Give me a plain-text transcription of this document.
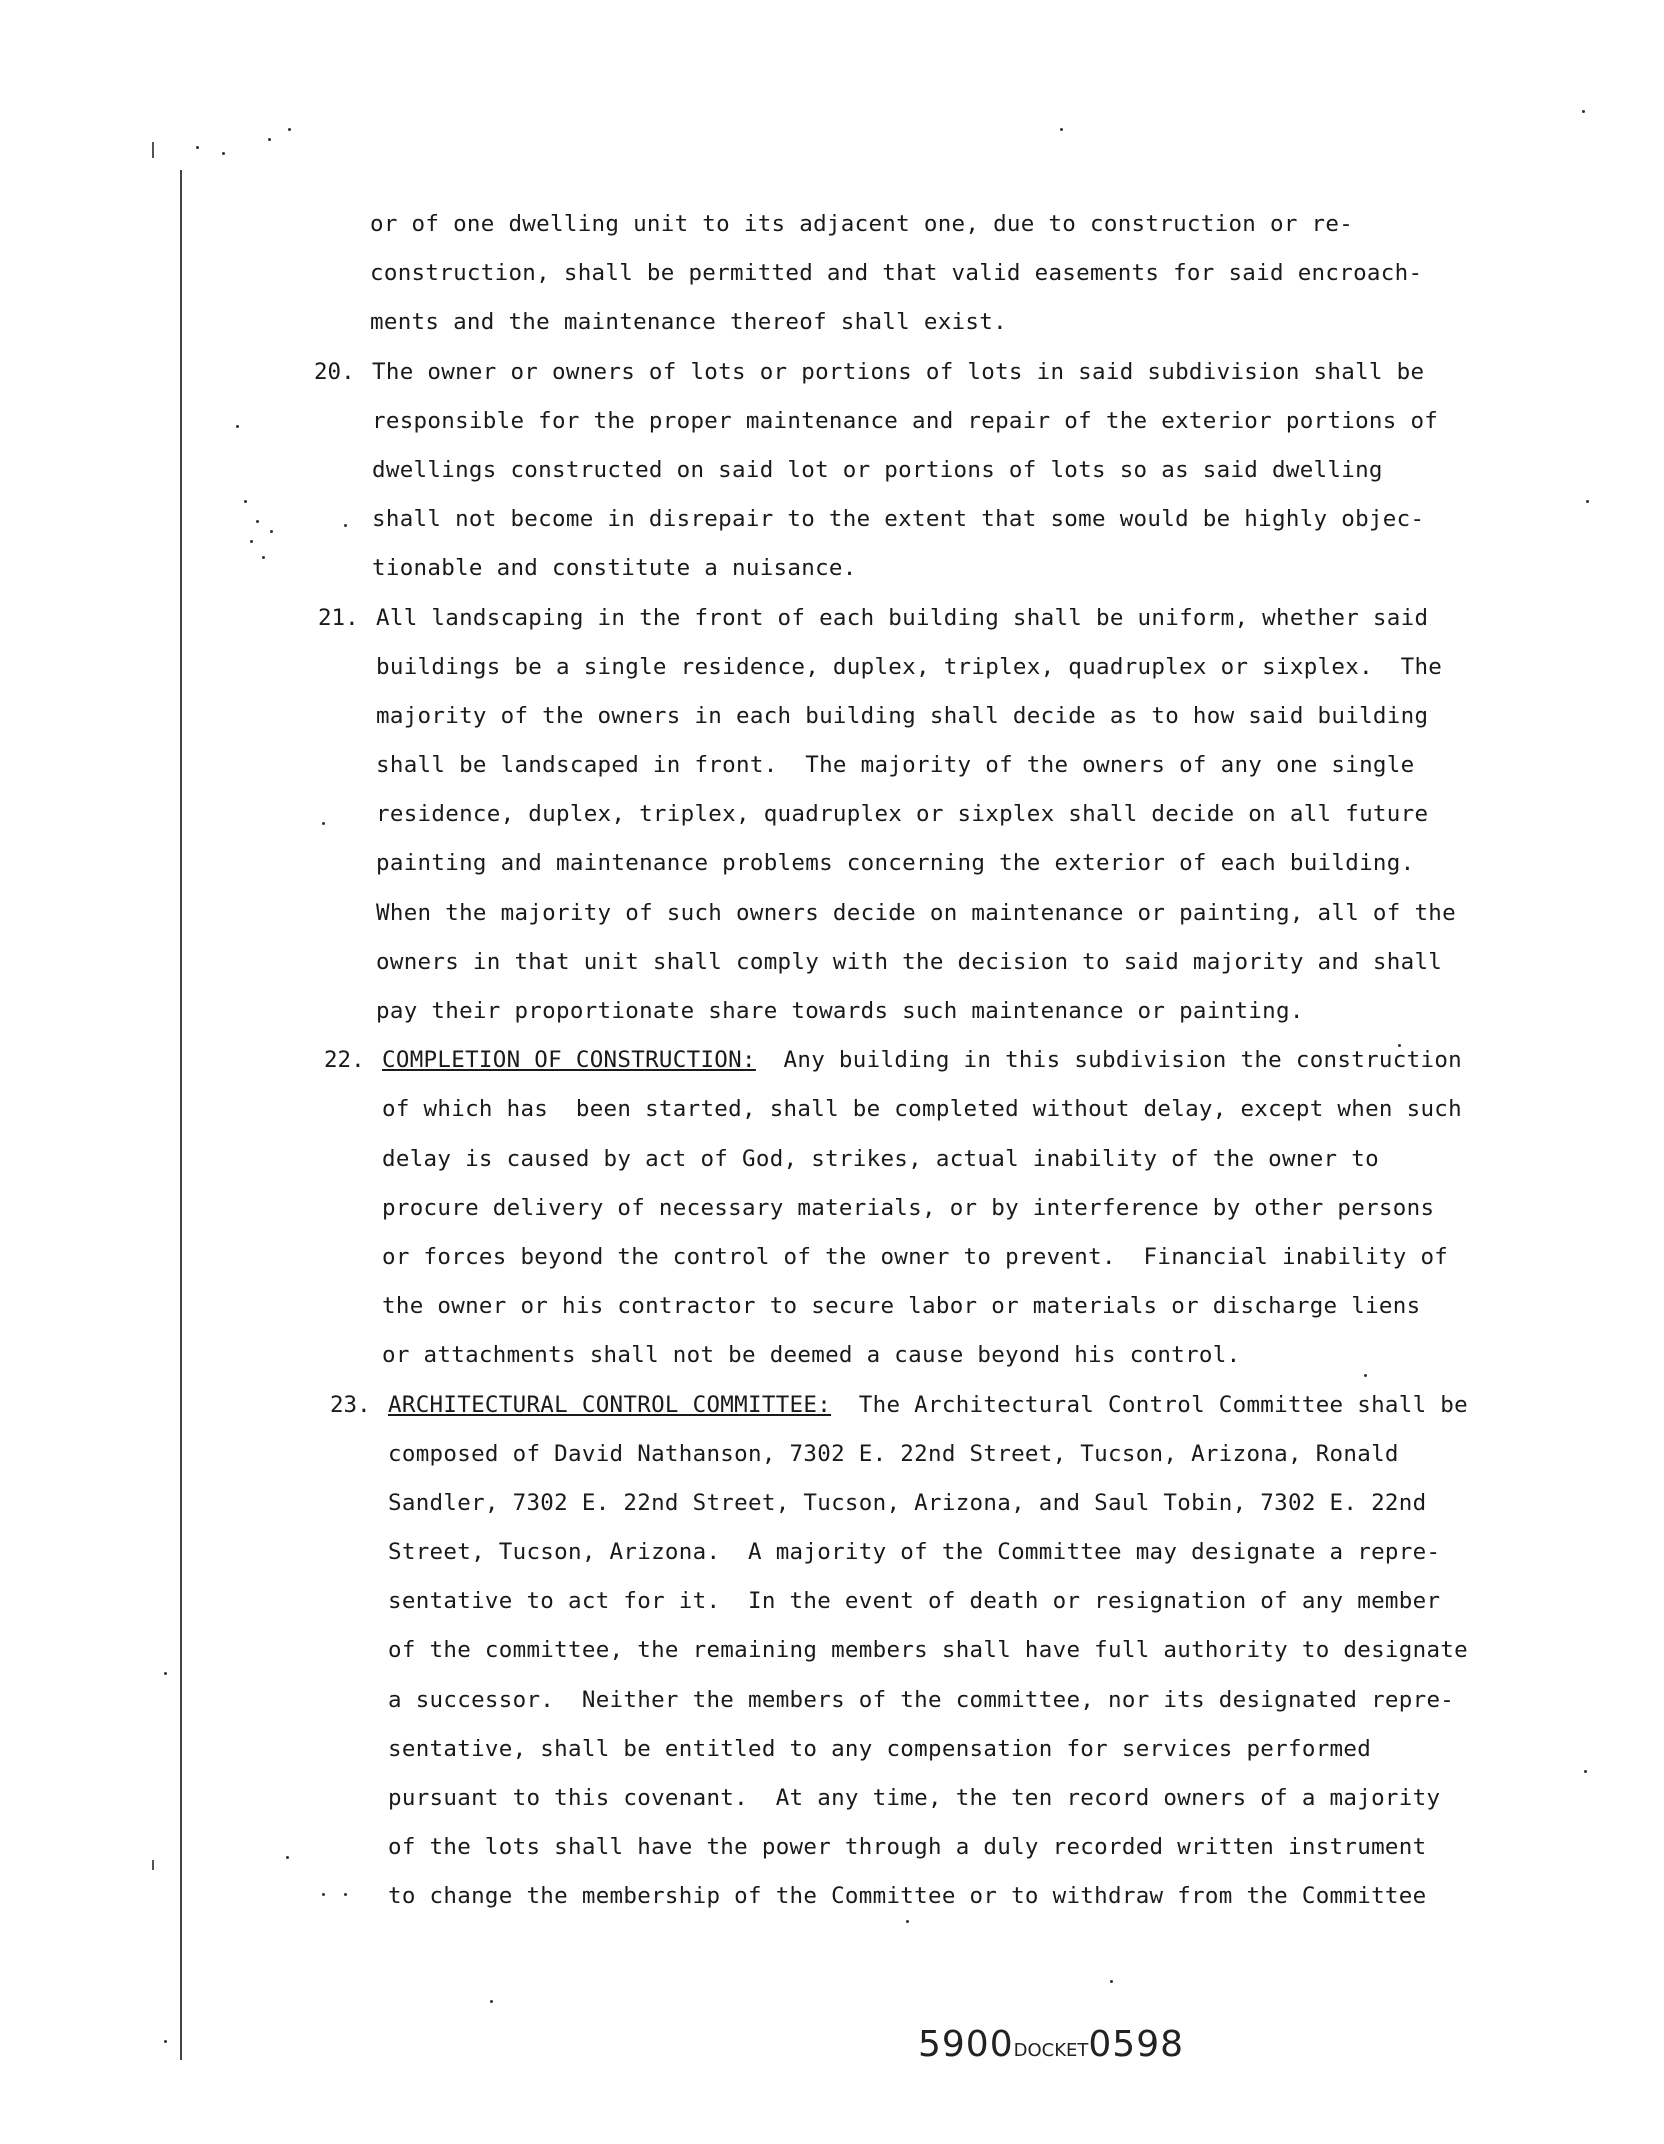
or of one dwelling unit to its adjacent one, due to construction or re-
construction, shall be permitted and that valid easements for said encroach-
ments and the maintenance thereof shall exist.
20. The owner or owners of lots or portions of lots in said subdivision shall be
responsible for the proper maintenance and repair of the exterior portions of
dwellings constructed on said lot or portions of lots so as said dwelling
shall not become in disrepair to the extent that some would be highly objec-
tionable and constitute a nuisance.
21. All landscaping in the front of each building shall be uniform, whether said
buildings be a single residence, duplex, triplex, quadruplex or sixplex.  The
majority of the owners in each building shall decide as to how said building
shall be landscaped in front.  The majority of the owners of any one single
residence, duplex, triplex, quadruplex or sixplex shall decide on all future
painting and maintenance problems concerning the exterior of each building.
When the majority of such owners decide on maintenance or painting, all of the
owners in that unit shall comply with the decision to said majority and shall
pay their proportionate share towards such maintenance or painting.
22. COMPLETION OF CONSTRUCTION:  Any building in this subdivision the construction
of which has  been started, shall be completed without delay, except when such
delay is caused by act of God, strikes, actual inability of the owner to
procure delivery of necessary materials, or by interference by other persons
or forces beyond the control of the owner to prevent.  Financial inability of
the owner or his contractor to secure labor or materials or discharge liens
or attachments shall not be deemed a cause beyond his control.
23. ARCHITECTURAL CONTROL COMMITTEE:  The Architectural Control Committee shall be
composed of David Nathanson, 7302 E. 22nd Street, Tucson, Arizona, Ronald
Sandler, 7302 E. 22nd Street, Tucson, Arizona, and Saul Tobin, 7302 E. 22nd
Street, Tucson, Arizona.  A majority of the Committee may designate a repre-
sentative to act for it.  In the event of death or resignation of any member
of the committee, the remaining members shall have full authority to designate
a successor.  Neither the members of the committee, nor its designated repre-
sentative, shall be entitled to any compensation for services performed
pursuant to this covenant.  At any time, the ten record owners of a majority
of the lots shall have the power through a duly recorded written instrument
to change the membership of the Committee or to withdraw from the Committee
5900DOCKET0598
